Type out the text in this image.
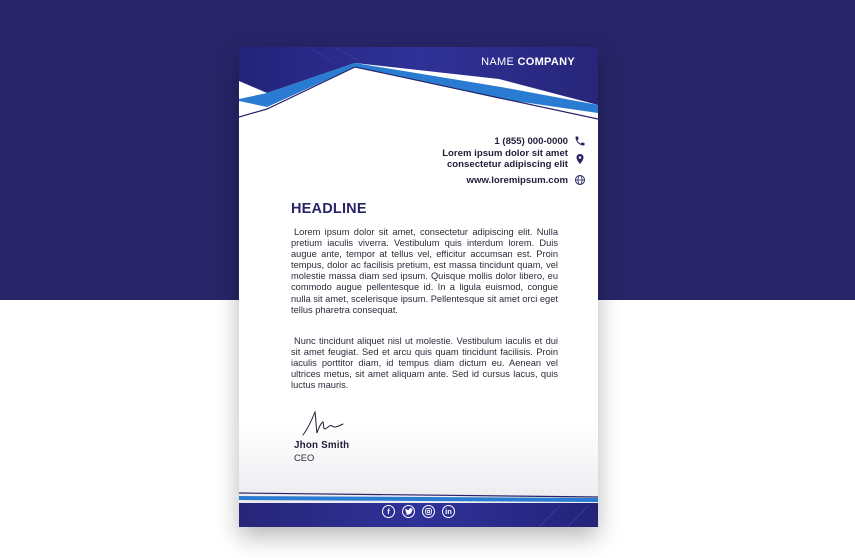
NAME COMPANY
1 (855) 000-0000
Lorem ipsum dolor sit amet
consectetur adipiscing elit
www.loremipsum.com
HEADLINE
Lorem ipsum dolor sit amet, consectetur adipiscing elit. Nulla pretium iaculis viverra. Vestibulum quis interdum lorem. Duis augue ante, tempor at tellus vel, efficitur accumsan est. Proin tempus, dolor ac facilisis pretium, est massa tincidunt quam, vel molestie massa diam sed ipsum. Quisque mollis dolor libero, eu commodo augue pellentesque id. In a ligula euismod, congue nulla sit amet, scelerisque ipsum. Pellentesque sit amet orci eget tellus pharetra consequat.
Nunc tincidunt aliquet nisl ut molestie. Vestibulum iaculis et dui sit amet feugiat. Sed et arcu quis quam tincidunt facilisis. Proin iaculis porttitor diam, id tempus diam dictum eu. Aenean vel ultrices metus, sit amet aliquam ante. Sed id cursus lacus, quis luctus mauris.
Jhon Smith
CEO
f	in
